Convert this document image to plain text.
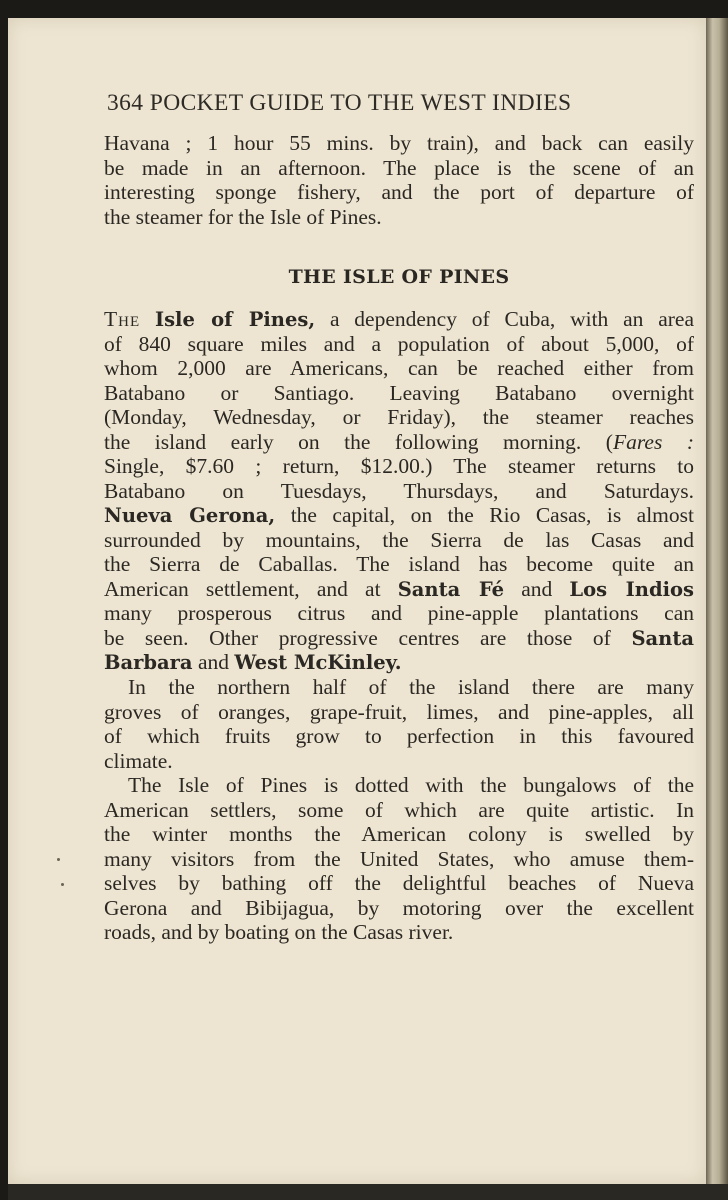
364 POCKET GUIDE TO THE WEST INDIES
Havana ; 1 hour 55 mins. by train), and back can easily
be made in an afternoon. The place is the scene of an
interesting sponge fishery, and the port of departure of
the steamer for the Isle of Pines.
THE ISLE OF PINES
The Isle of Pines, a dependency of Cuba, with an area
of 840 square miles and a population of about 5,000, of
whom 2,000 are Americans, can be reached either from
Batabano or Santiago. Leaving Batabano overnight
(Monday, Wednesday, or Friday), the steamer reaches
the island early on the following morning. (Fares :
Single, $7.60 ; return, $12.00.) The steamer returns to
Batabano on Tuesdays, Thursdays, and Saturdays.
Nueva Gerona, the capital, on the Rio Casas, is almost
surrounded by mountains, the Sierra de las Casas and
the Sierra de Caballas. The island has become quite an
American settlement, and at Santa Fé and Los Indios
many prosperous citrus and pine-apple plantations can
be seen. Other progressive centres are those of Santa
Barbara and West McKinley.
In the northern half of the island there are many
groves of oranges, grape-fruit, limes, and pine-apples, all
of which fruits grow to perfection in this favoured
climate.
The Isle of Pines is dotted with the bungalows of the
American settlers, some of which are quite artistic. In
the winter months the American colony is swelled by
many visitors from the United States, who amuse them-
selves by bathing off the delightful beaches of Nueva
Gerona and Bibijagua, by motoring over the excellent
roads, and by boating on the Casas river.
